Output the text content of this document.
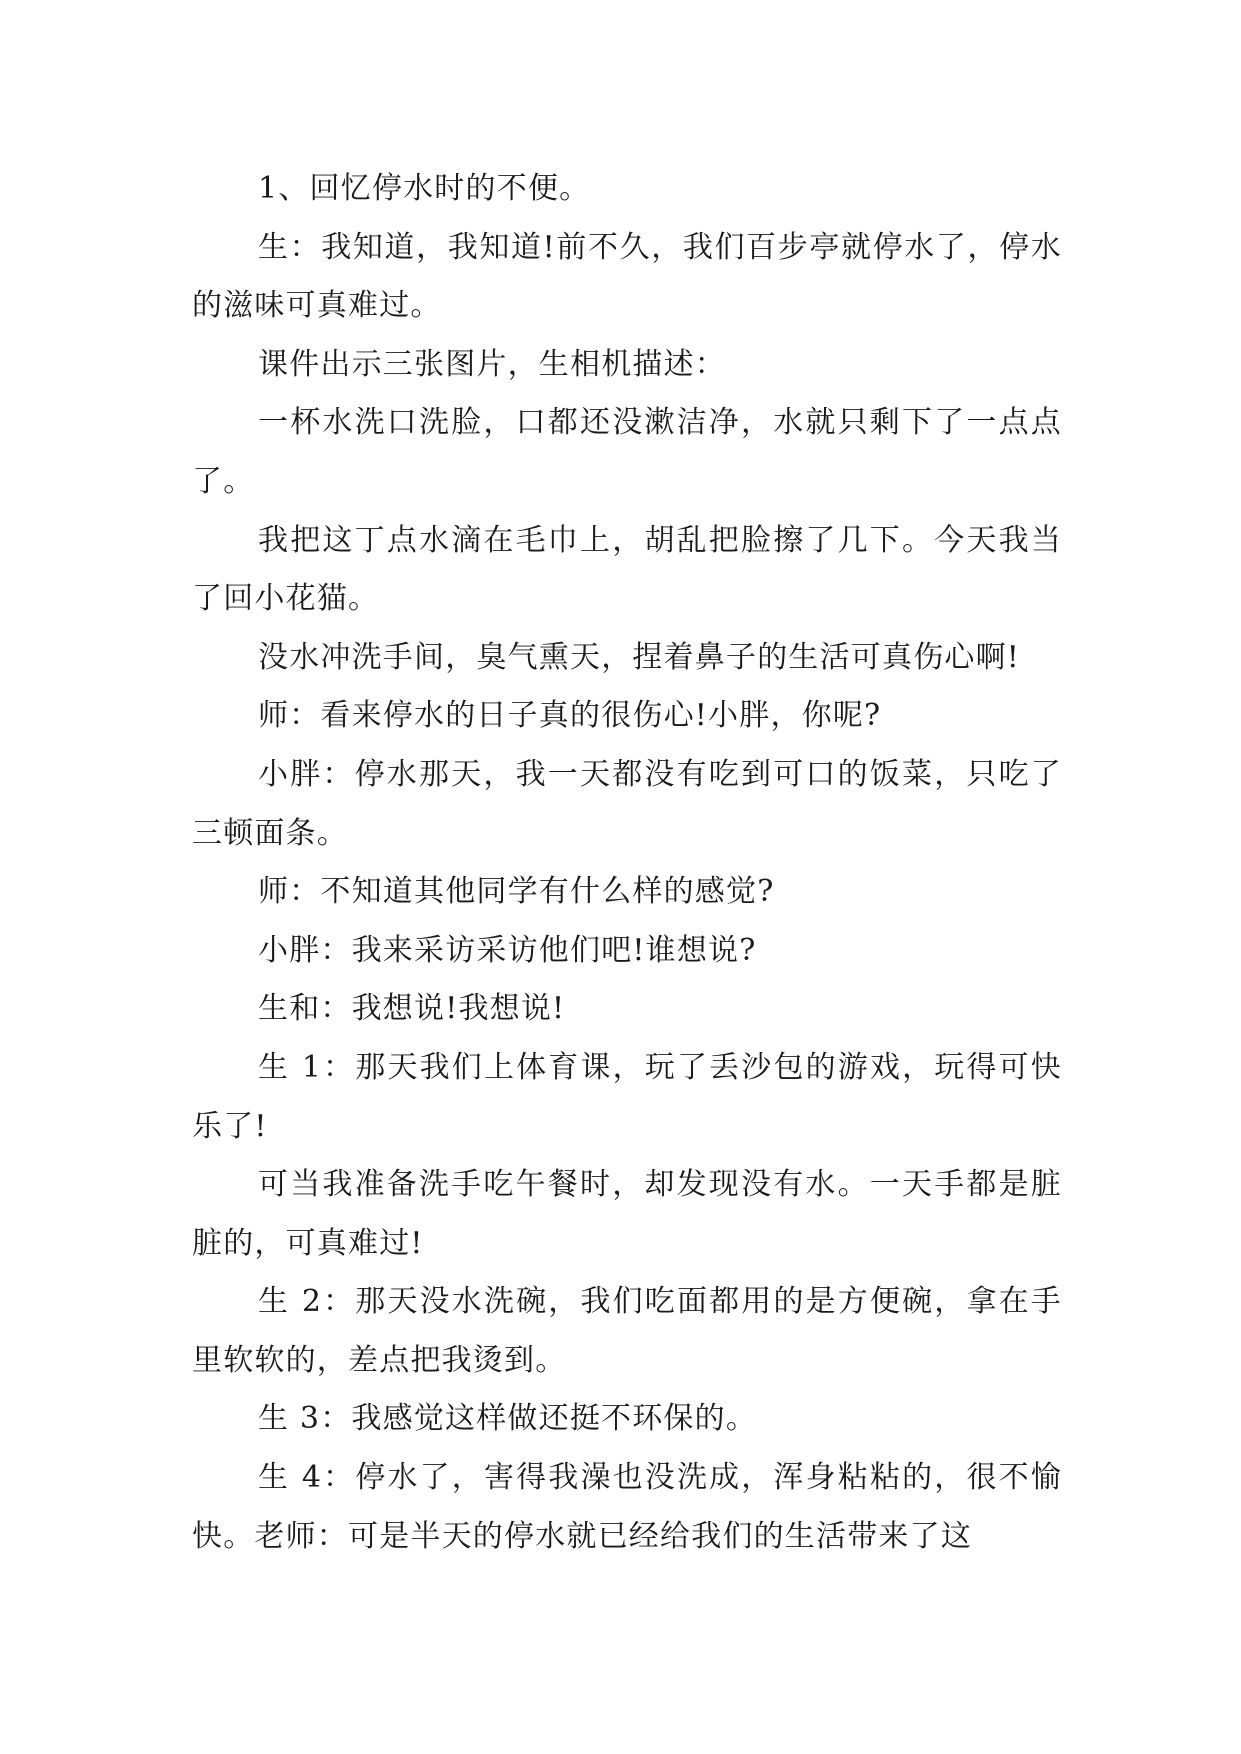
1、回忆停水时的不便。

生：我知道，我知道!前不久，我们百步亭就停水了，停水的滋味可真难过。

课件出示三张图片，生相机描述：

一杯水洗口洗脸，口都还没漱洁净，水就只剩下了一点点了。

我把这丁点水滴在毛巾上，胡乱把脸擦了几下。今天我当了回小花猫。

没水冲洗手间，臭气熏天，捏着鼻子的生活可真伤心啊!

师：看来停水的日子真的很伤心!小胖，你呢?

小胖：停水那天，我一天都没有吃到可口的饭菜，只吃了三顿面条。

师：不知道其他同学有什么样的感觉?

小胖：我来采访采访他们吧!谁想说?

生和：我想说!我想说!

生 1：那天我们上体育课，玩了丢沙包的游戏，玩得可快乐了!

可当我准备洗手吃午餐时，却发现没有水。一天手都是脏脏的，可真难过!

生 2：那天没水洗碗，我们吃面都用的是方便碗，拿在手里软软的，差点把我烫到。

生 3：我感觉这样做还挺不环保的。

生 4：停水了，害得我澡也没洗成，浑身粘粘的，很不愉快。老师：可是半天的停水就已经给我们的生活带来了这
